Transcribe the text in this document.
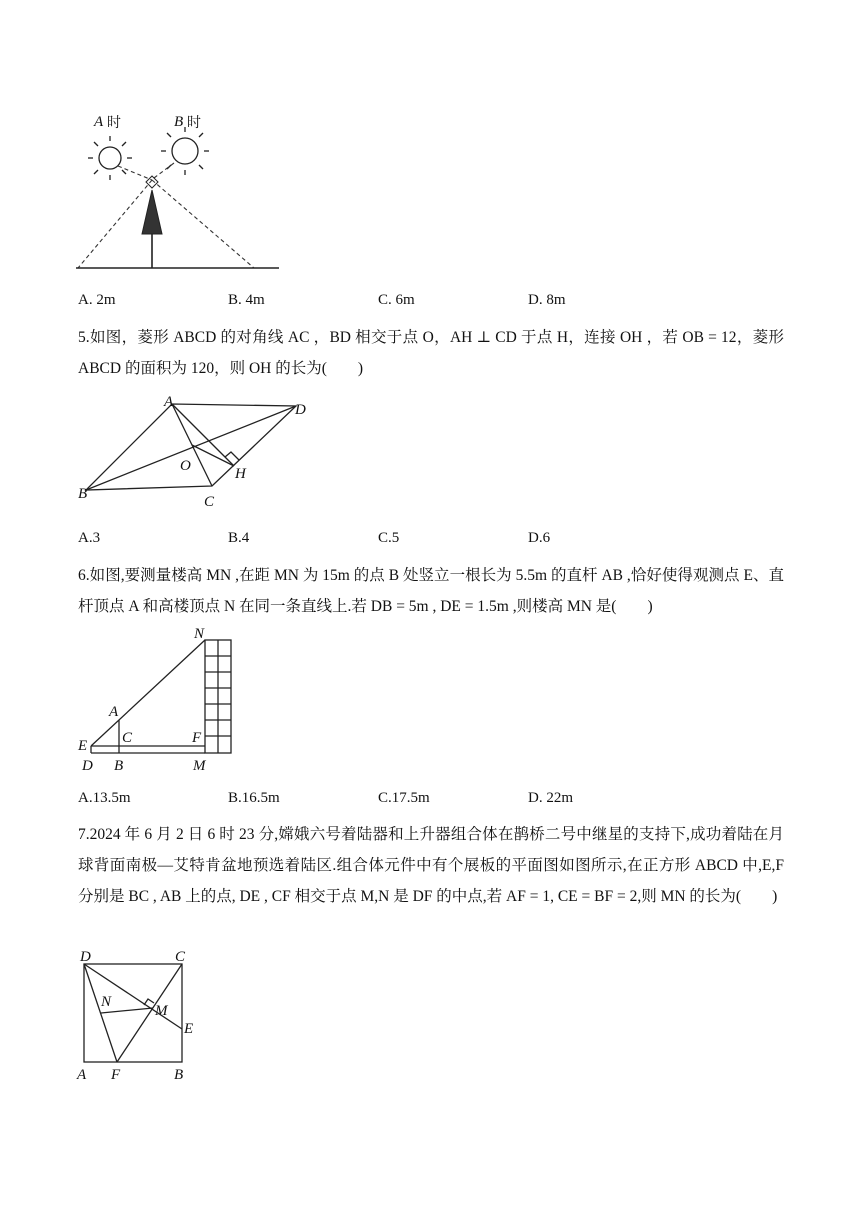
A 时	B 时
A. 2m	B. 4m	C. 6m	D. 8m
5.如图，菱形 ABCD 的对角线 AC ，BD 相交于点 O，AH ⊥ CD 于点 H，连接 OH ，若 OB = 12，菱形 ABCD 的面积为 120，则 OH 的长为(　　)
A	D
O	H
B	C
A.3	B.4	C.5	D.6
6.如图,要测量楼高 MN ,在距 MN 为 15m 的点 B 处竖立一根长为 5.5m 的直杆 AB ,恰好使得观测点 E、直杆顶点 A 和高楼顶点 N 在同一条直线上.若 DB = 5m , DE = 1.5m ,则楼高 MN 是(　　)
N
A
C	F
E
D B	M
A.13.5m	B.16.5m	C.17.5m	D. 22m
7.2024 年 6 月 2 日 6 时 23 分,嫦娥六号着陆器和上升器组合体在鹊桥二号中继星的支持下,成功着陆在月球背面南极—艾特肯盆地预选着陆区.组合体元件中有个展板的平面图如图所示,在正方形 ABCD 中,E,F 分别是 BC , AB 上的点, DE , CF 相交于点 M,N 是 DF 的中点,若 AF = 1, CE = BF = 2,则 MN 的长为(　　)
D	C
N
M
E
A F	B
